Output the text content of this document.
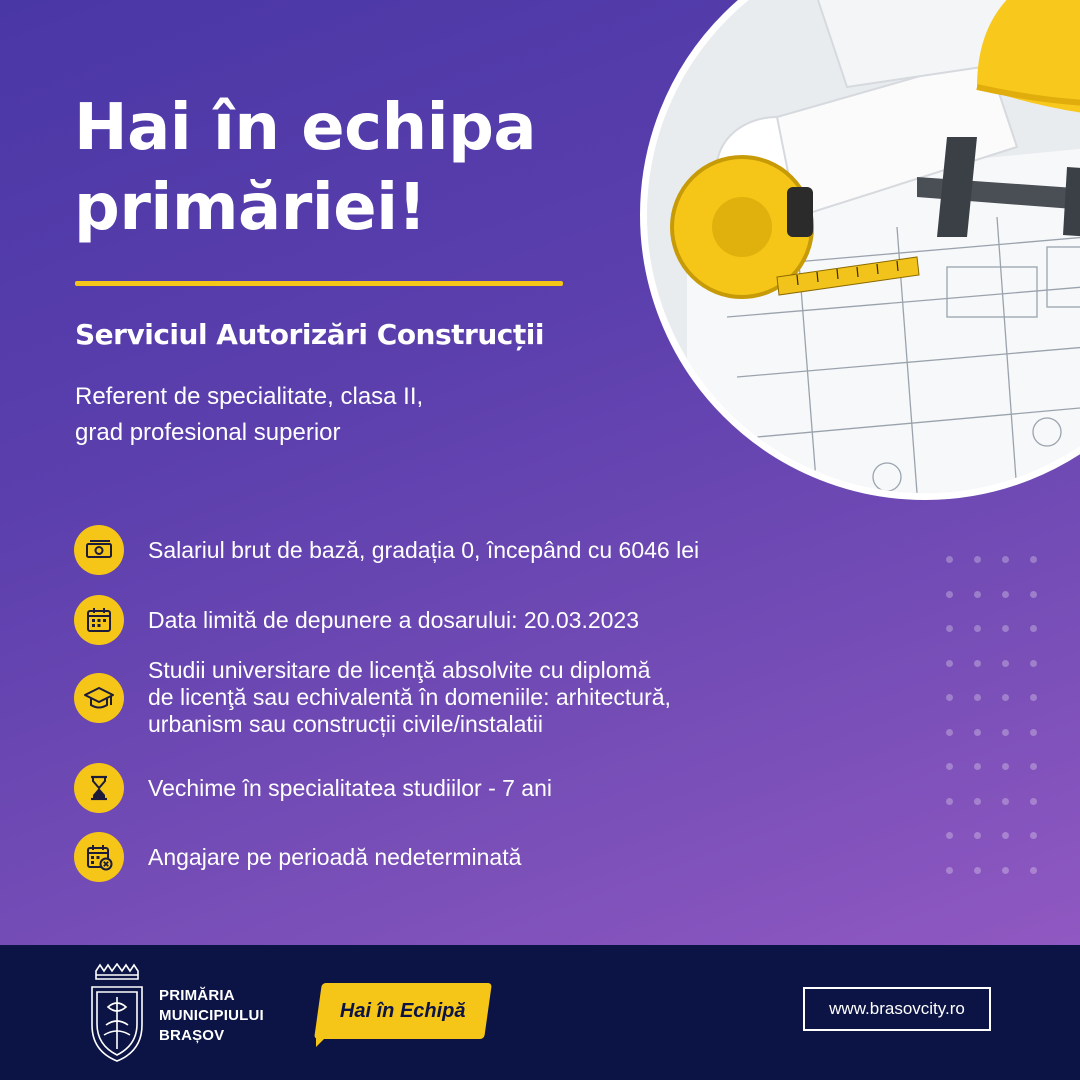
Hai în echipa
primăriei!
Serviciul Autorizări Construcții
Referent de specialitate, clasa II,
grad profesional superior
Salariul brut de bază, gradația 0, începând cu 6046 lei
Data limită de depunere a dosarului: 20.03.2023
Studii universitare de licenţă absolvite cu diplomă
de licenţă sau echivalentă în domeniile: arhitectură,
urbanism sau construcții civile/instalatii
Vechime în specialitatea studiilor - 7 ani
Angajare pe perioadă nedeterminată
PRIMĂRIA
MUNICIPIULUI
BRAȘOV
Hai în Echipă	www.brasovcity.ro
